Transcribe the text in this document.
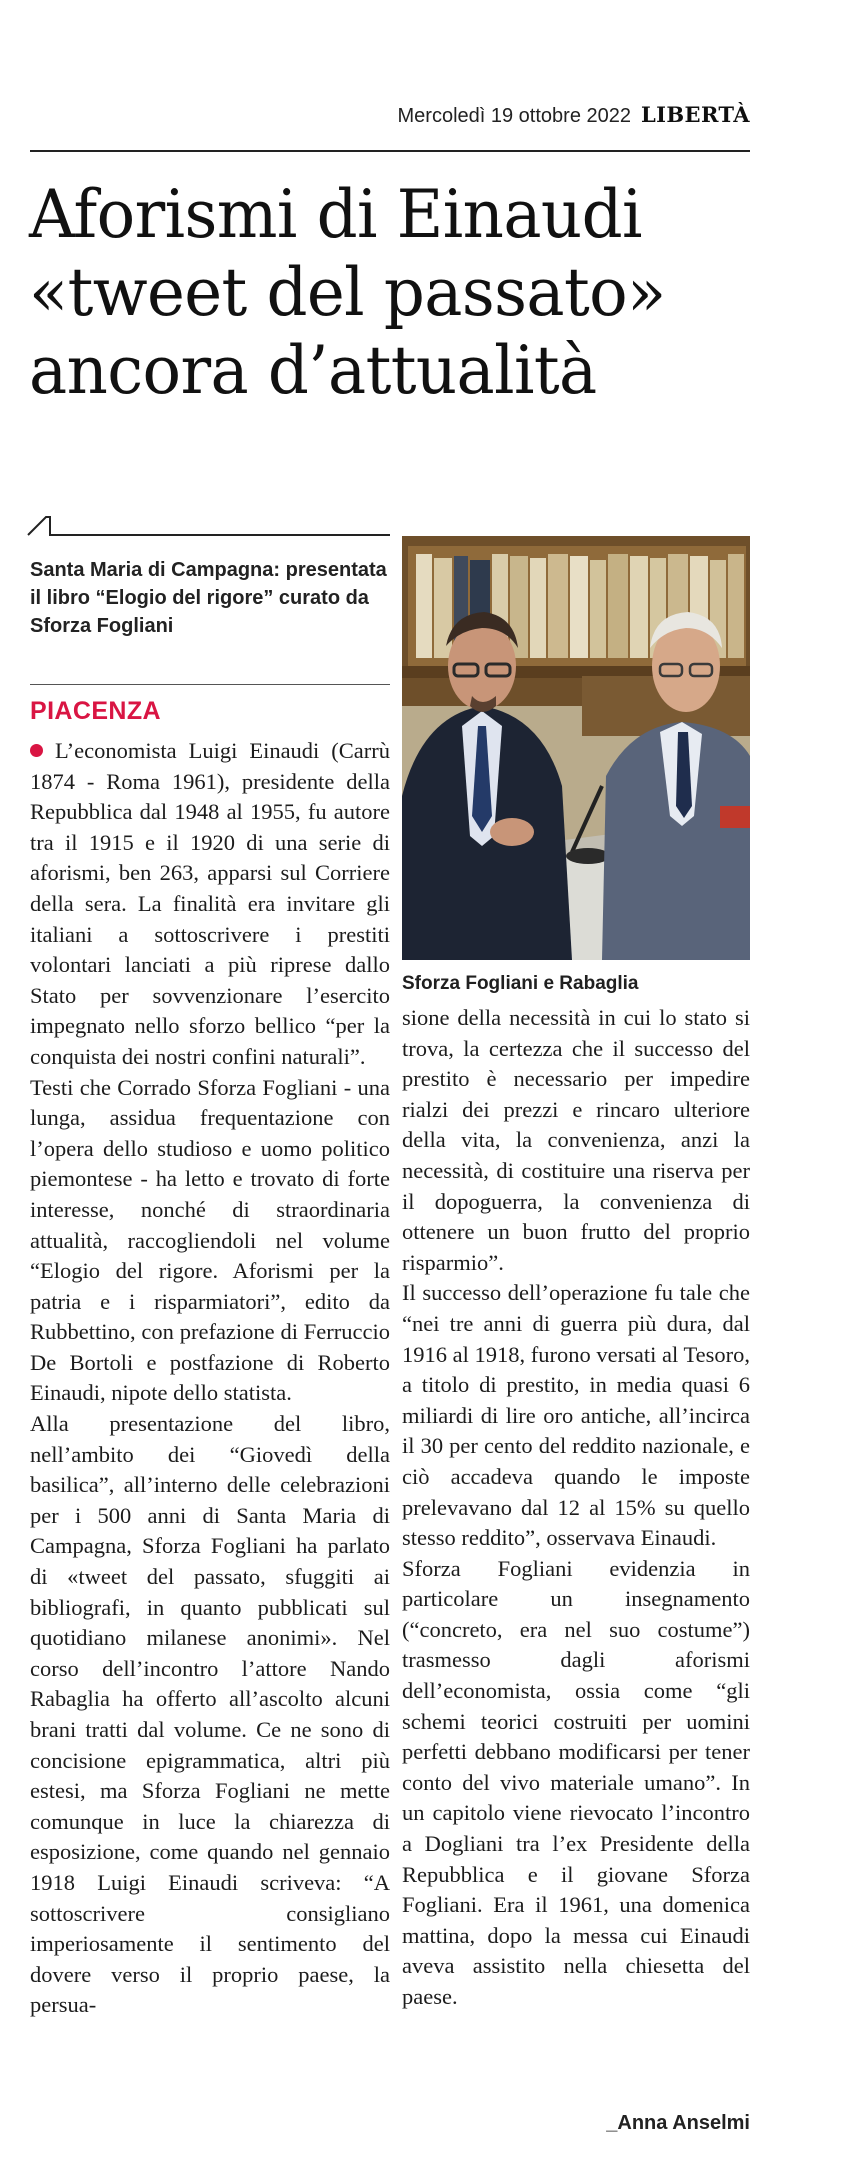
Mercoledì 19 ottobre 2022 LIBERTÀ
Aforismi di Einaudi
«tweet del passato»
ancora d’attualità

Santa Maria di Campagna: presentata il libro “Elogio del rigore” curato da Sforza Fogliani

PIACENZA

Sforza Fogliani e Rabaglia

L’economista Luigi Einaudi (Carrù 1874 - Roma 1961), presidente della Repubblica dal 1948 al 1955, fu autore tra il 1915 e il 1920 di una serie di aforismi, ben 263, apparsi sul Corriere della sera. La finalità era invitare gli italiani a sottoscrivere i prestiti volontari lanciati a più riprese dallo Stato per sovvenzionare l’esercito impegnato nello sforzo bellico “per la conquista dei nostri confini naturali”.

Testi che Corrado Sforza Fogliani - una lunga, assidua frequentazione con l’opera dello studioso e uomo politico piemontese - ha letto e trovato di forte interesse, nonché di straordinaria attualità, raccogliendoli nel volume “Elogio del rigore. Aforismi per la patria e i risparmiatori”, edito da Rubbettino, con prefazione di Ferruccio De Bortoli e postfazione di Roberto Einaudi, nipote dello statista.

Alla presentazione del libro, nell’ambito dei “Giovedì della basilica”, all’interno delle celebrazioni per i 500 anni di Santa Maria di Campagna, Sforza Fogliani ha parlato di «tweet del passato, sfuggiti ai bibliografi, in quanto pubblicati sul quotidiano milanese anonimi». Nel corso dell’incontro l’attore Nando Rabaglia ha offerto all’ascolto alcuni brani tratti dal volume. Ce ne sono di concisione epigrammatica, altri più estesi, ma Sforza Fogliani ne mette comunque in luce la chiarezza di esposizione, come quando nel gennaio 1918 Luigi Einaudi scriveva: “A sottoscrivere consigliano imperiosamente il sentimento del dovere verso il proprio paese, la persua-

sione della necessità in cui lo stato si trova, la certezza che il successo del prestito è necessario per impedire rialzi dei prezzi e rincaro ulteriore della vita, la convenienza, anzi la necessità, di costituire una riserva per il dopoguerra, la convenienza di ottenere un buon frutto del proprio risparmio”.

Il successo dell’operazione fu tale che “nei tre anni di guerra più dura, dal 1916 al 1918, furono versati al Tesoro, a titolo di prestito, in media quasi 6 miliardi di lire oro antiche, all’incirca il 30 per cento del reddito nazionale, e ciò accadeva quando le imposte prelevavano dal 12 al 15% su quello stesso reddito”, osservava Einaudi.

Sforza Fogliani evidenzia in particolare un insegnamento (“concreto, era nel suo costume”) trasmesso dagli aforismi dell’economista, ossia come “gli schemi teorici costruiti per uomini perfetti debbano modificarsi per tener conto del vivo materiale umano”. In un capitolo viene rievocato l’incontro a Dogliani tra l’ex Presidente della Repubblica e il giovane Sforza Fogliani. Era il 1961, una domenica mattina, dopo la messa cui Einaudi aveva assistito nella chiesetta del paese.

_Anna Anselmi
